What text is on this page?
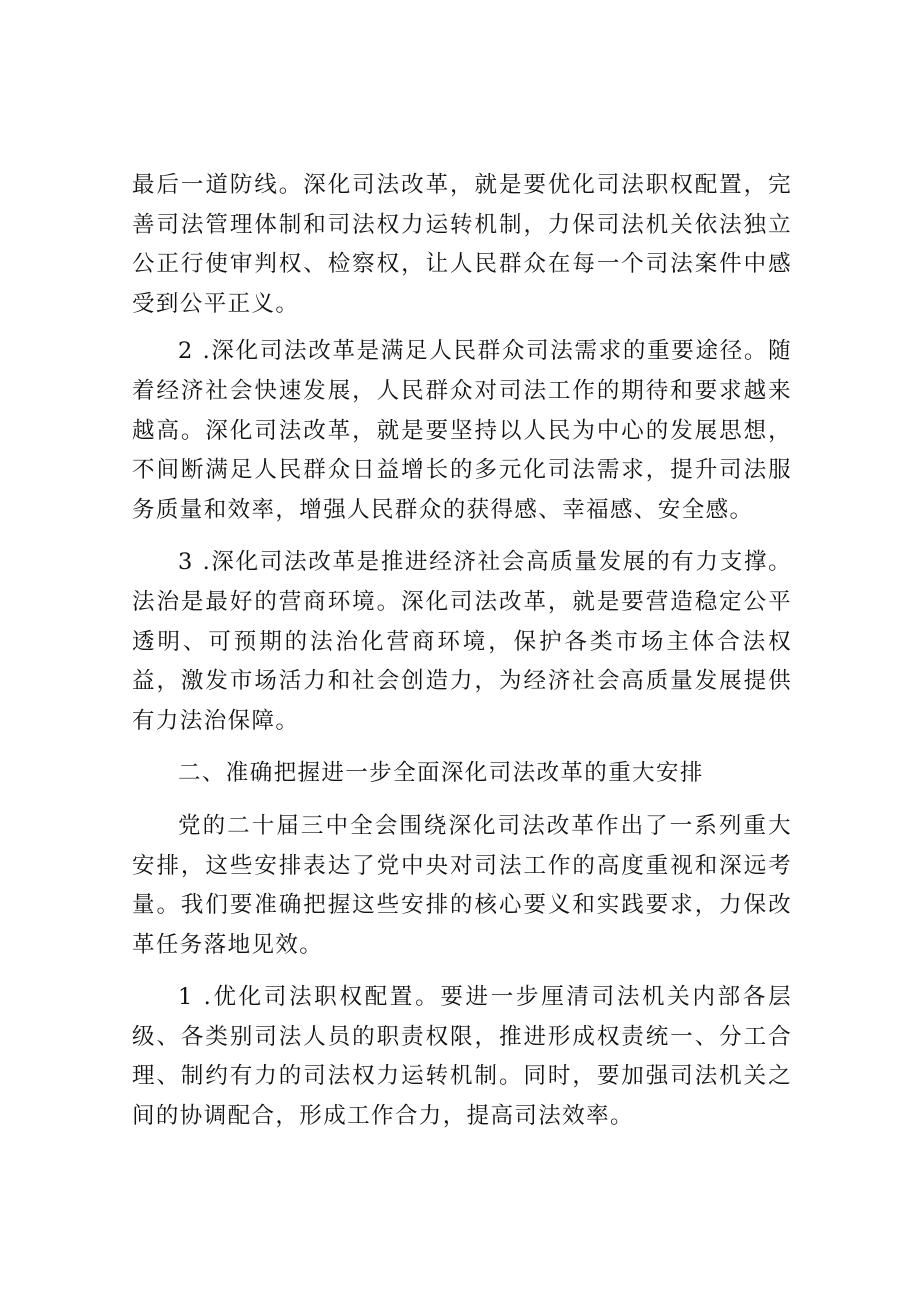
最后一道防线。深化司法改革，就是要优化司法职权配置，完善司法管理体制和司法权力运转机制，力保司法机关依法独立公正行使审判权、检察权，让人民群众在每一个司法案件中感受到公平正义。

2 .深化司法改革是满足人民群众司法需求的重要途径。随着经济社会快速发展，人民群众对司法工作的期待和要求越来越高。深化司法改革，就是要坚持以人民为中心的发展思想，不间断满足人民群众日益增长的多元化司法需求，提升司法服务质量和效率，增强人民群众的获得感、幸福感、安全感。

3 .深化司法改革是推进经济社会高质量发展的有力支撑。法治是最好的营商环境。深化司法改革，就是要营造稳定公平透明、可预期的法治化营商环境，保护各类市场主体合法权益，激发市场活力和社会创造力，为经济社会高质量发展提供有力法治保障。

二、准确把握进一步全面深化司法改革的重大安排

党的二十届三中全会围绕深化司法改革作出了一系列重大安排，这些安排表达了党中央对司法工作的高度重视和深远考量。我们要准确把握这些安排的核心要义和实践要求，力保改革任务落地见效。

1 .优化司法职权配置。要进一步厘清司法机关内部各层级、各类别司法人员的职责权限，推进形成权责统一、分工合理、制约有力的司法权力运转机制。同时，要加强司法机关之间的协调配合，形成工作合力，提高司法效率。
